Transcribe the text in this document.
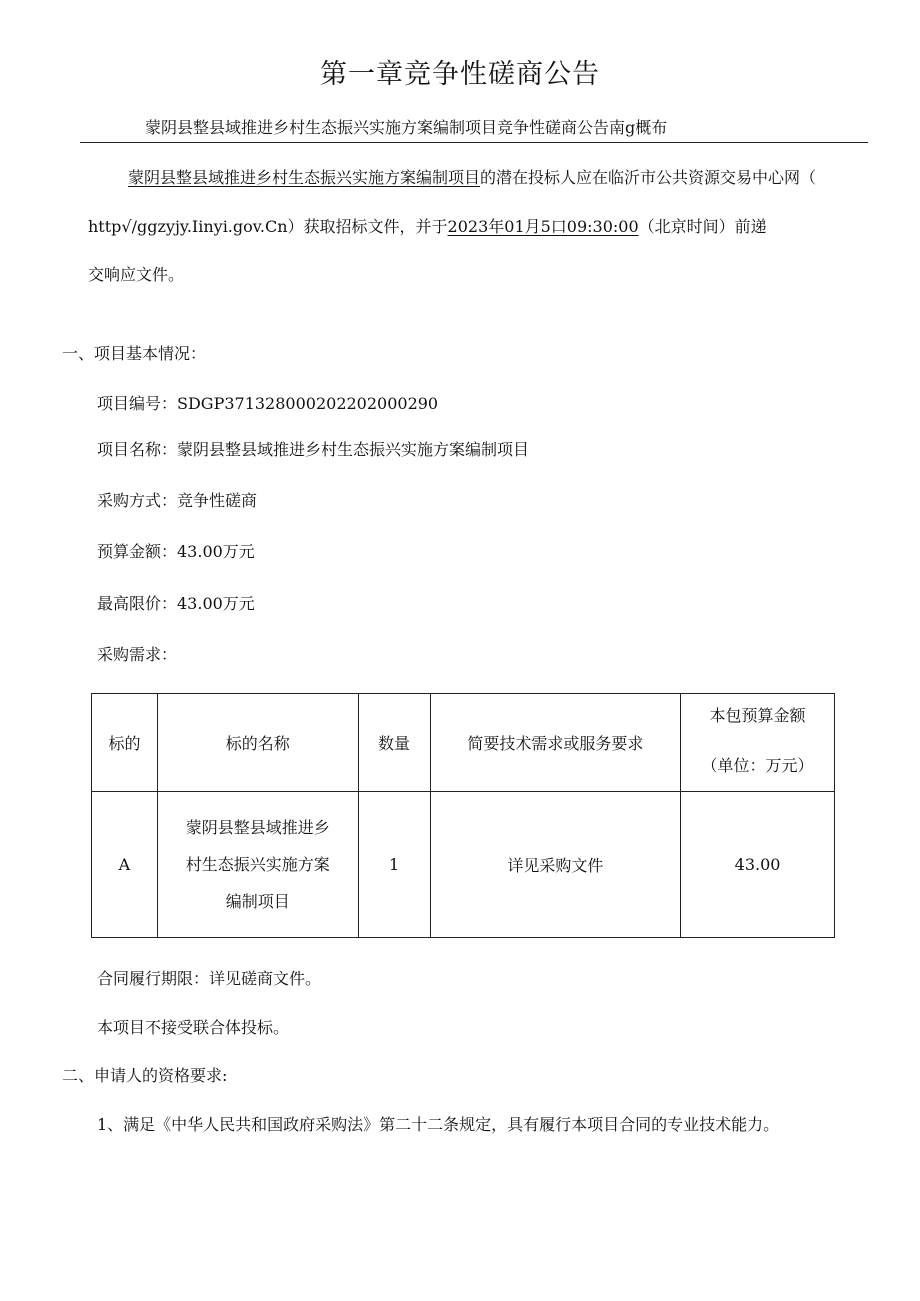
第一章竞争性磋商公告
蒙阴县整县域推进乡村生态振兴实施方案编制项目竞争性磋商公告南g概布
蒙阴县整县域推进乡村生态振兴实施方案编制项目的潜在投标人应在临沂市公共资源交易中心网（
http√/ggzyjy.Iinyi.gov.Cn）获取招标文件，并于2023年01月5口09:30:00（北京时间）前递
交响应文件。
一、项目基本情况：
项目编号：SDGP371328000202202000290
项目名称：蒙阴县整县域推进乡村生态振兴实施方案编制项目
采购方式：竞争性磋商
预算金额：43.00万元
最高限价：43.00万元
采购需求：
标的	标的名称	数量	简要技术需求或服务要求	本包预算金额
（单位：万元）

A	蒙阴县整县域推进乡
村生态振兴实施方案
编制项目	1	详见采购文件	43.00
合同履行期限：详见磋商文件。
本项目不接受联合体投标。
二、申请人的资格要求:
1、满足《中华人民共和国政府采购法》第二十二条规定，具有履行本项目合同的专业技术能力。
